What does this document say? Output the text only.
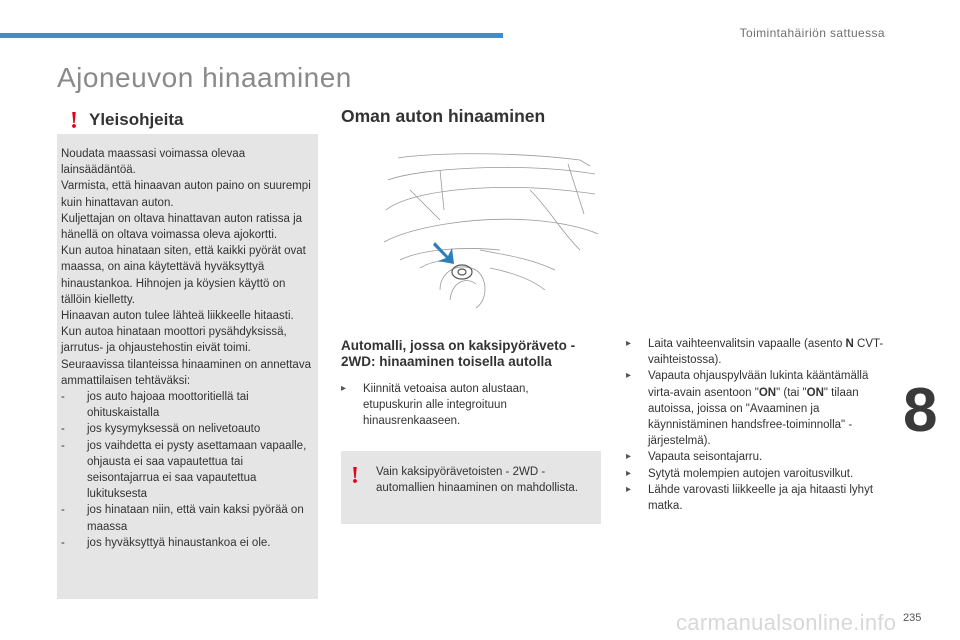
Toimintahäiriön sattuessa
Ajoneuvon hinaaminen
8
carmanualsonline.info 235
! Yleisohjeita

Noudata maassasi voimassa olevaa lainsäädäntöä.

Varmista, että hinaavan auton paino on suurempi kuin hinattavan auton.

Kuljettajan on oltava hinattavan auton ratissa ja hänellä on oltava voimassa oleva ajokortti.

Kun autoa hinataan siten, että kaikki pyörät ovat maassa, on aina käytettävä hyväksyttyä hinaustankoa. Hihnojen ja köysien käyttö on tällöin kielletty.

Hinaavan auton tulee lähteä liikkeelle hitaasti.

Kun autoa hinataan moottori pysähdyksissä, jarrutus- ja ohjaustehostin eivät toimi.

Seuraavissa tilanteissa hinaaminen on annettava ammattilaisen tehtäväksi:

- jos auto hajoaa moottoritiellä tai ohituskaistalla
- jos kysymyksessä on nelivetoauto
- jos vaihdetta ei pysty asettamaan vapaalle, ohjausta ei saa vapautettua tai seisontajarrua ei saa vapautettua lukituksesta
- jos hinataan niin, että vain kaksi pyörää on maassa
- jos hyväksyttyä hinaustankoa ei ole.
Oman auton hinaaminen
Automalli, jossa on kaksipyöräveto - 2WD: hinaaminen toisella autolla
▸ Kiinnitä vetoaisa auton alustaan, etupuskurin alle integroituun hinausrenkaaseen.
! Vain kaksipyörävetoisten - 2WD - automallien hinaaminen on mahdollista.
▸ Laita vaihteenvalitsin vapaalle (asento N CVT-vaihteistossa).
▸ Vapauta ohjauspylvään lukinta kääntämällä virta-avain asentoon "ON" (tai "ON" tilaan autoissa, joissa on "Avaaminen ja käynnistäminen handsfree-toiminnolla" -järjestelmä).
▸ Vapauta seisontajarru.
▸ Sytytä molempien autojen varoitusvilkut.
▸ Lähde varovasti liikkeelle ja aja hitaasti lyhyt matka.
